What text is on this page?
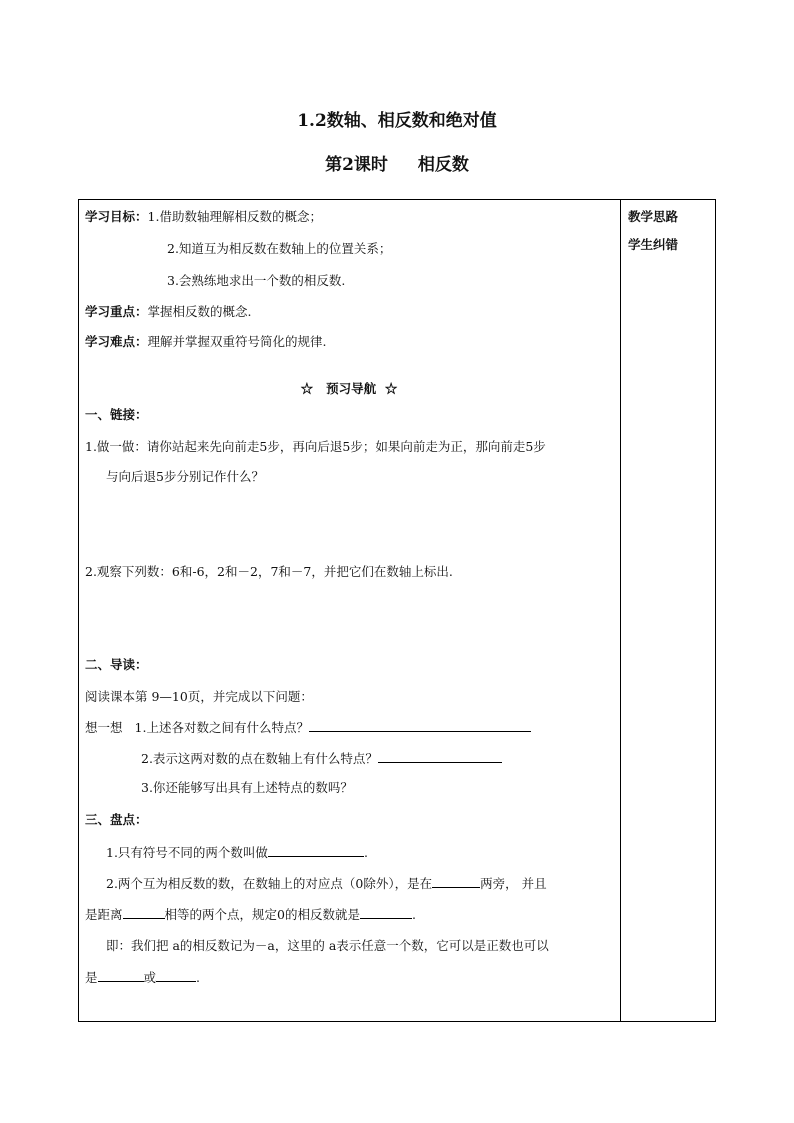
1.2数轴、相反数和绝对值
第2课时 相反数
教学思路
学生纠错
学习目标：1.借助数轴理解相反数的概念；
2.知道互为相反数在数轴上的位置关系；
3.会熟练地求出一个数的相反数.
学习重点：掌握相反数的概念.
学习难点：理解并掌握双重符号简化的规律.
☆   预习导航  ☆
一、链接：
1.做一做：请你站起来先向前走5步，再向后退5步；如果向前走为正，那向前走5步
与向后退5步分别记作什么？
2.观察下列数：6和-6，2和－2，7和－7，并把它们在数轴上标出.
二、导读：
阅读课本第 9—10页，并完成以下问题：
想一想 1.上述各对数之间有什么特点？
2.表示这两对数的点在数轴上有什么特点？
3.你还能够写出具有上述特点的数吗？
三、盘点：
1.只有符号不同的两个数叫做	.
2.两个互为相反数的数，在数轴上的对应点（0除外），是在	两旁， 并且
是距离	相等的两个点，规定0的相反数就是	.
即：我们把 a的相反数记为－a，这里的 a表示任意一个数，它可以是正数也可以
是	或	.
